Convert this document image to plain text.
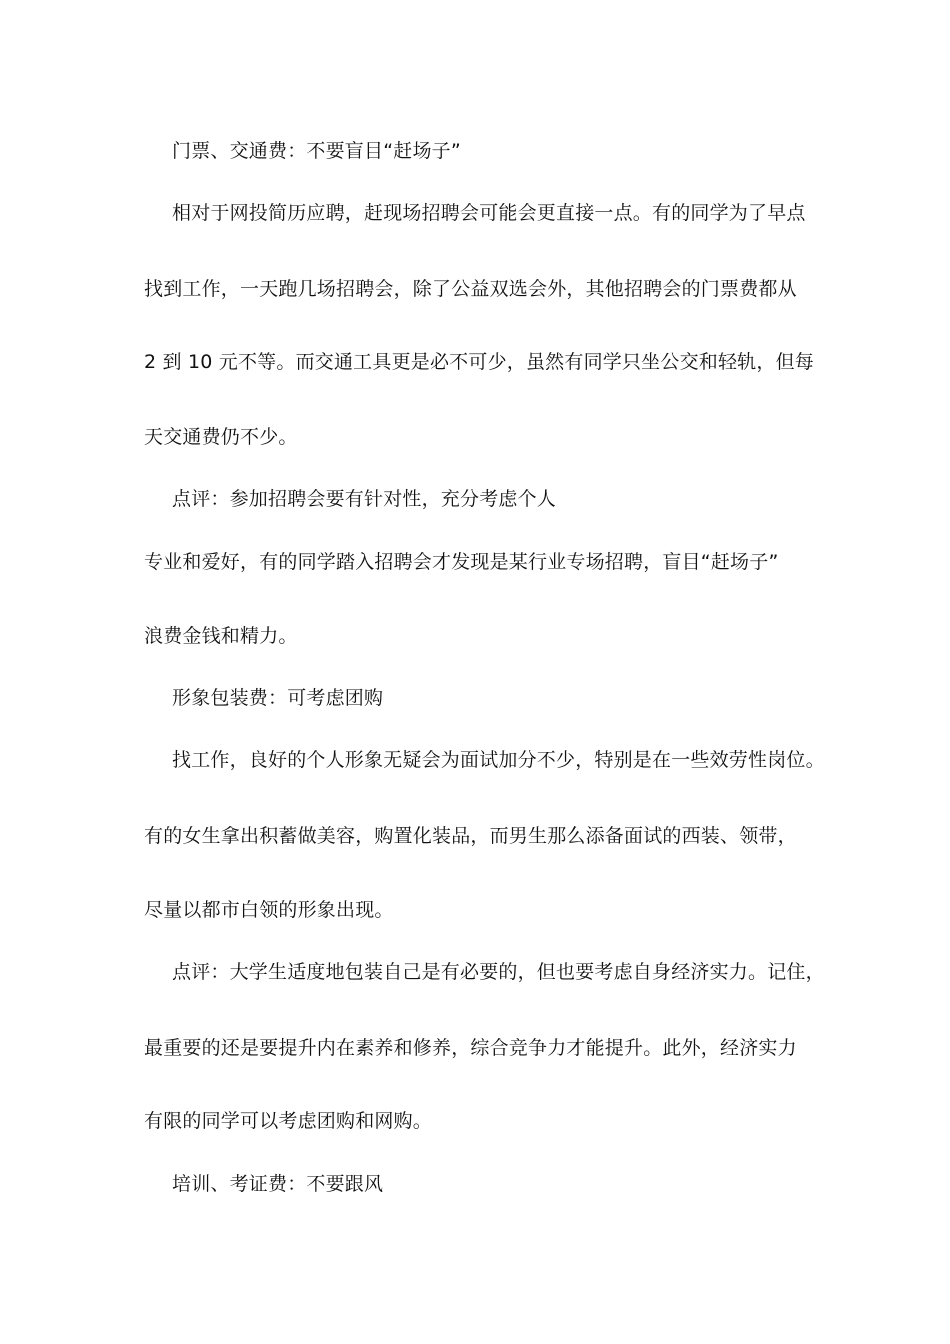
门票、交通费：不要盲目“赶场子”
相对于网投简历应聘，赶现场招聘会可能会更直接一点。有的同学为了早点
找到工作，一天跑几场招聘会，除了公益双选会外，其他招聘会的门票费都从
2 到 10 元不等。而交通工具更是必不可少，虽然有同学只坐公交和轻轨，但每
天交通费仍不少。
点评：参加招聘会要有针对性，充分考虑个人
专业和爱好，有的同学踏入招聘会才发现是某行业专场招聘，盲目“赶场子”
浪费金钱和精力。
形象包装费：可考虑团购
找工作，良好的个人形象无疑会为面试加分不少，特别是在一些效劳性岗位。
有的女生拿出积蓄做美容，购置化装品，而男生那么添备面试的西装、领带，
尽量以都市白领的形象出现。
点评：大学生适度地包装自己是有必要的，但也要考虑自身经济实力。记住，
最重要的还是要提升内在素养和修养，综合竞争力才能提升。此外，经济实力
有限的同学可以考虑团购和网购。
培训、考证费：不要跟风
